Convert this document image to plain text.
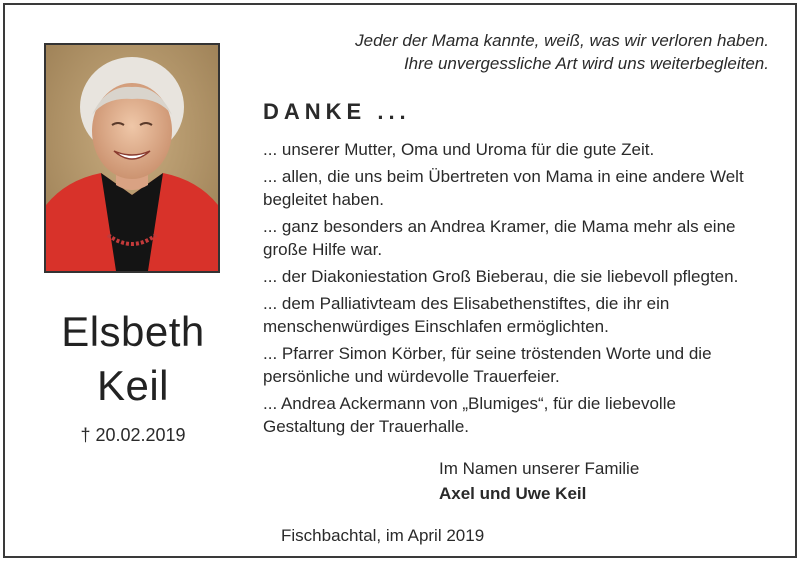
Jeder der Mama kannte, weiß, was wir verloren haben.
Ihre unvergessliche Art wird uns weiterbegleiten.
Elsbeth
Keil
† 20.02.2019
DANKE ...
... unserer Mutter, Oma und Uroma für die gute Zeit.
... allen, die uns beim Übertreten von Mama in eine andere Welt
begleitet haben.
... ganz besonders an Andrea Kramer, die Mama mehr als eine
große Hilfe war.
... der Diakoniestation Groß Bieberau, die sie liebevoll pflegten.
... dem Palliativteam des Elisabethenstiftes, die ihr ein
menschenwürdiges Einschlafen ermöglichten.
... Pfarrer Simon Körber, für seine tröstenden Worte und die
persönliche und würdevolle Trauerfeier.
... Andrea Ackermann von „Blumiges“, für die liebevolle
Gestaltung der Trauerhalle.
Im Namen unserer Familie
Axel und Uwe Keil
Fischbachtal, im April 2019
